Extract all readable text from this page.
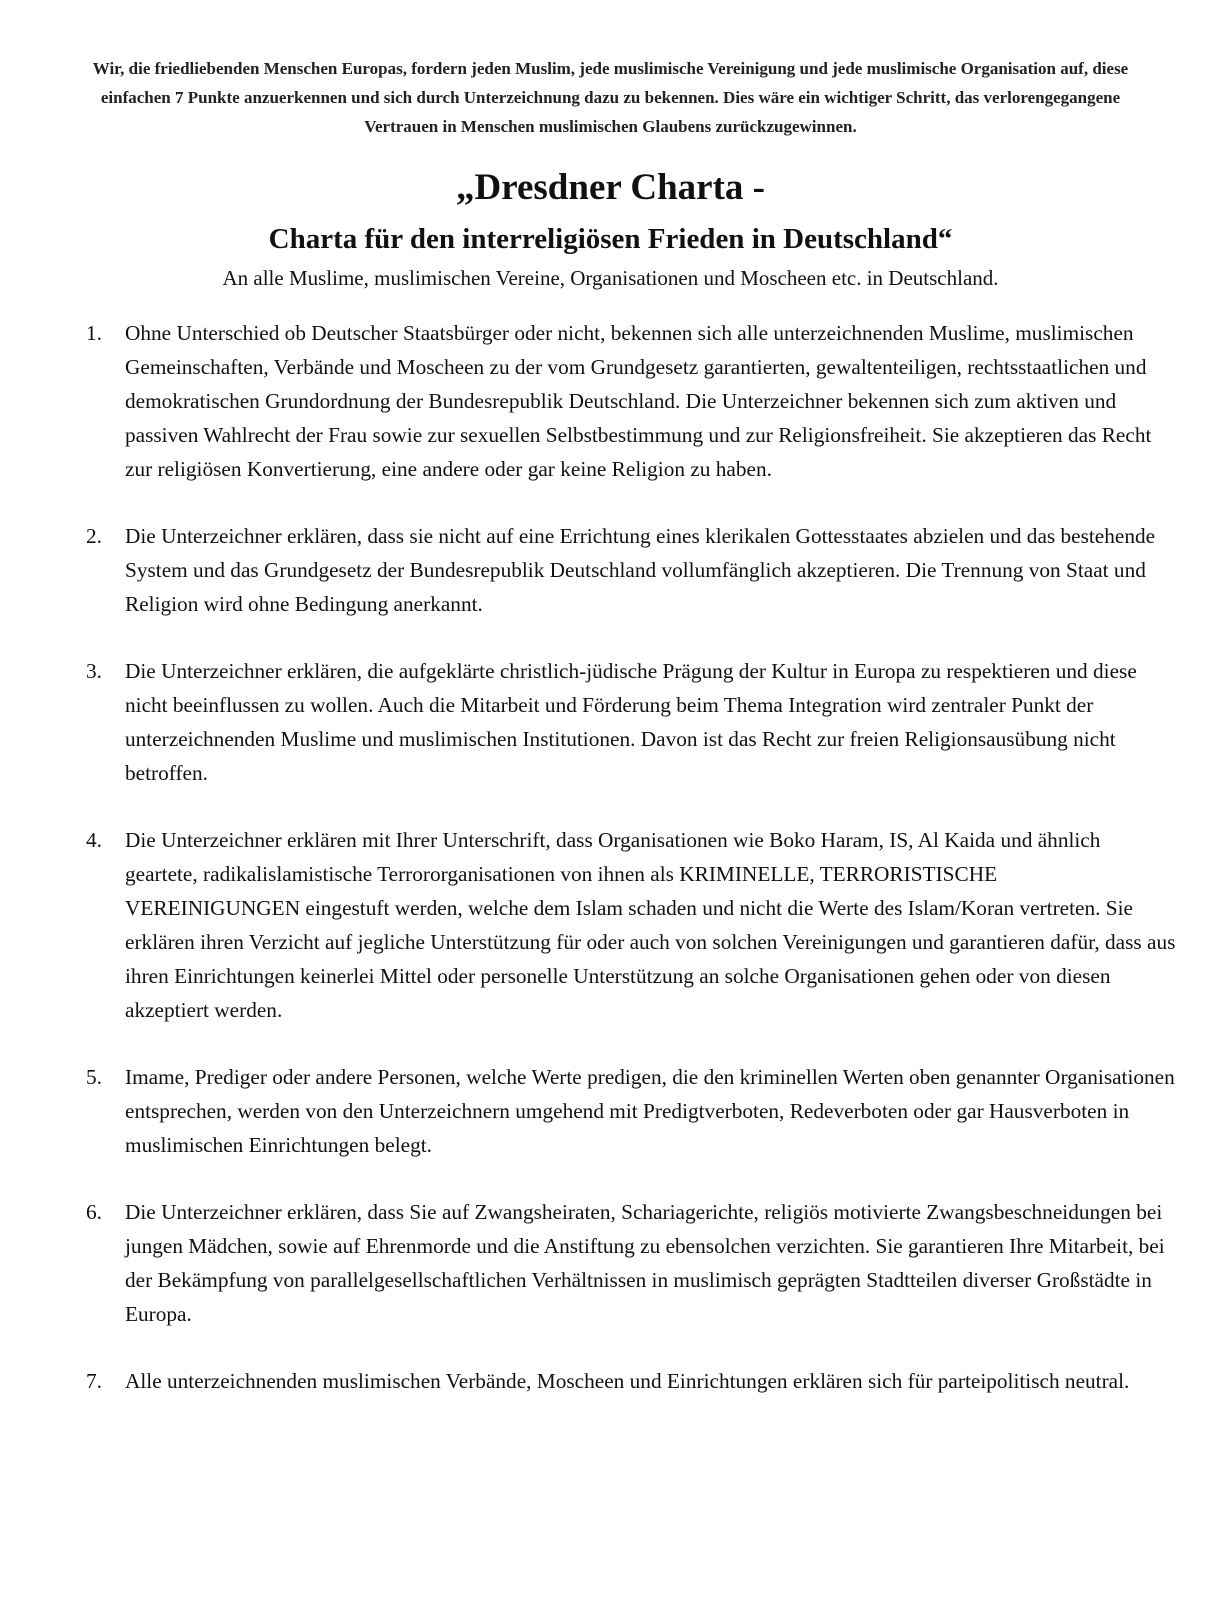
Wir, die friedliebenden Menschen Europas, fordern jeden Muslim, jede muslimische Vereinigung und jede muslimische Organisation auf, diese einfachen 7 Punkte anzuerkennen und sich durch Unterzeichnung dazu zu bekennen. Dies wäre ein wichtiger Schritt, das verlorengegangene Vertrauen in Menschen muslimischen Glaubens zurückzugewinnen.
„Dresdner Charta -
Charta für den interreligiösen Frieden in Deutschland“
An alle Muslime, muslimischen Vereine, Organisationen und Moscheen etc. in Deutschland.
1.	Ohne Unterschied ob Deutscher Staatsbürger oder nicht, bekennen sich alle unterzeichnenden Muslime, muslimischen Gemeinschaften, Verbände und Moscheen zu der vom Grundgesetz garantierten, gewaltenteiligen, rechtsstaatlichen und demokratischen Grundordnung der Bundesrepublik Deutschland. Die Unterzeichner bekennen sich zum aktiven und passiven Wahlrecht der Frau sowie zur sexuellen Selbstbestimmung und zur Religionsfreiheit. Sie akzeptieren das Recht zur religiösen Konvertierung, eine andere oder gar keine Religion zu haben.
2.	Die Unterzeichner erklären, dass sie nicht auf eine Errichtung eines klerikalen Gottesstaates abzielen und das bestehende System und das Grundgesetz der Bundesrepublik Deutschland vollumfänglich akzeptieren. Die Trennung von Staat und Religion wird ohne Bedingung anerkannt.
3.	Die Unterzeichner erklären, die aufgeklärte christlich-jüdische Prägung der Kultur in Europa zu respektieren und diese nicht beeinflussen zu wollen. Auch die Mitarbeit und Förderung beim Thema Integration wird zentraler Punkt der unterzeichnenden Muslime und muslimischen Institutionen. Davon ist das Recht zur freien Religionsausübung nicht betroffen.
4.	Die Unterzeichner erklären mit Ihrer Unterschrift, dass Organisationen wie Boko Haram, IS, Al Kaida und ähnlich geartete, radikalislamistische Terrororganisationen von ihnen als KRIMINELLE, TERRORISTISCHE VEREINIGUNGEN eingestuft werden, welche dem Islam schaden und nicht die Werte des Islam/Koran vertreten. Sie erklären ihren Verzicht auf jegliche Unterstützung für oder auch von solchen Vereinigungen und garantieren dafür, dass aus ihren Einrichtungen keinerlei Mittel oder personelle Unterstützung an solche Organisationen gehen oder von diesen akzeptiert werden.
5.	Imame, Prediger oder andere Personen, welche Werte predigen, die den kriminellen Werten oben genannter Organisationen entsprechen, werden von den Unterzeichnern umgehend mit Predigtverboten, Redeverboten oder gar Hausverboten in muslimischen Einrichtungen belegt.
6.	Die Unterzeichner erklären, dass Sie auf Zwangsheiraten, Schariagerichte, religiös motivierte Zwangsbeschneidungen bei jungen Mädchen, sowie auf Ehrenmorde und die Anstiftung zu ebensolchen verzichten. Sie garantieren Ihre Mitarbeit, bei der Bekämpfung von parallelgesellschaftlichen Verhältnissen in muslimisch geprägten Stadtteilen diverser Großstädte in Europa.
7.	Alle unterzeichnenden muslimischen Verbände, Moscheen und Einrichtungen erklären sich für parteipolitisch neutral.
